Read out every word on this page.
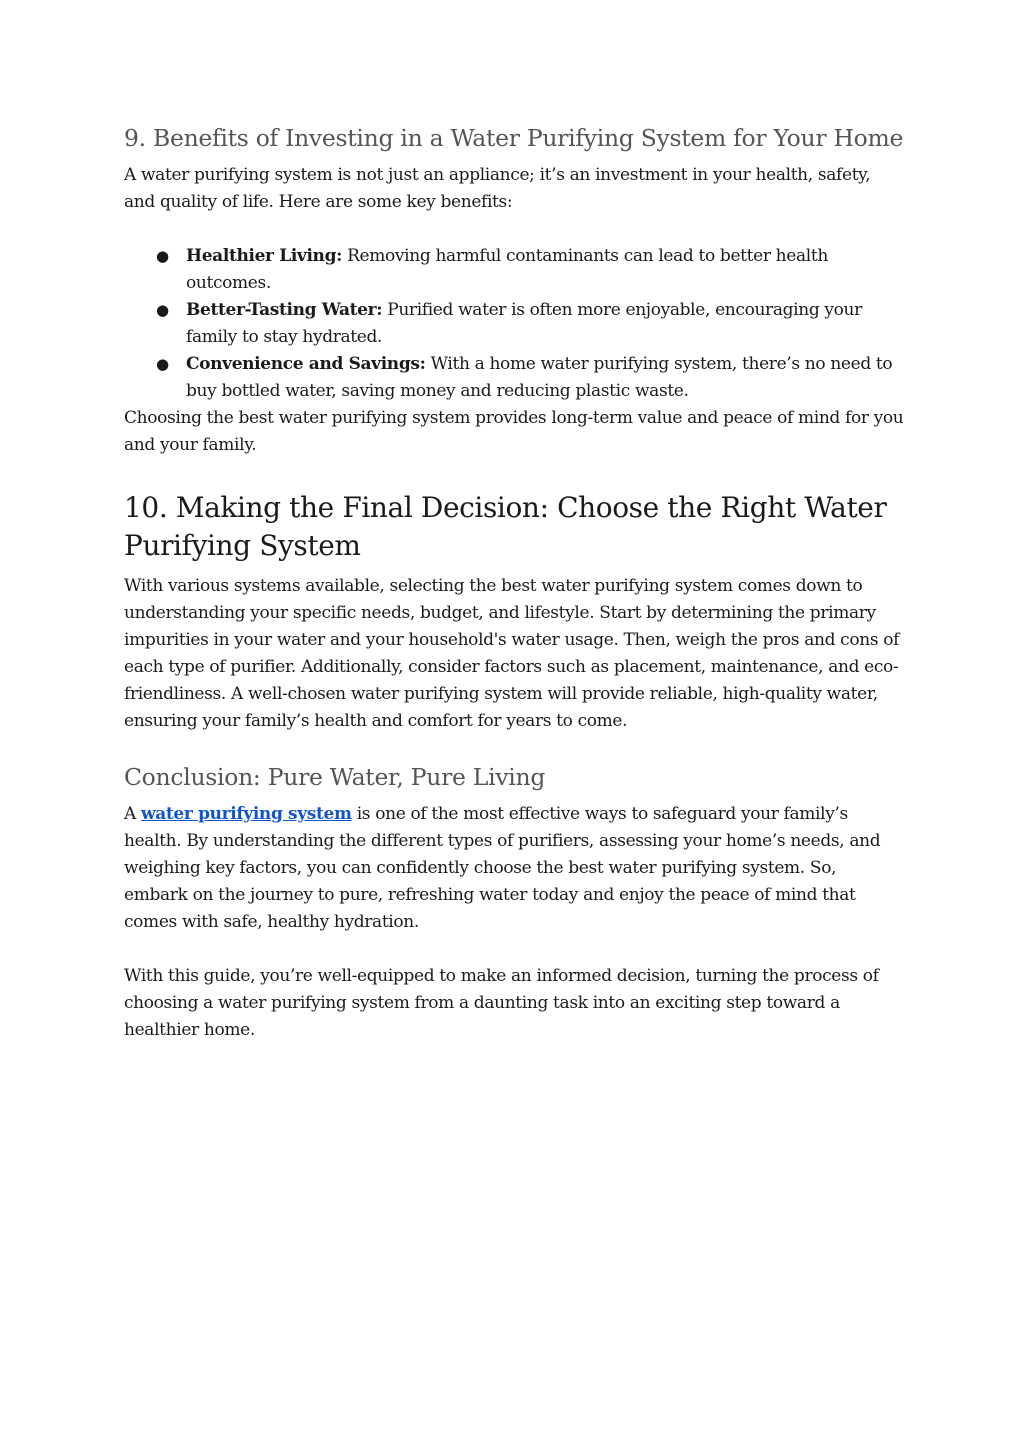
9. Benefits of Investing in a Water Purifying System for Your Home

A water purifying system is not just an appliance; it’s an investment in your health, safety, and quality of life. Here are some key benefits:

● Healthier Living: Removing harmful contaminants can lead to better health outcomes.
● Better-Tasting Water: Purified water is often more enjoyable, encouraging your family to stay hydrated.
● Convenience and Savings: With a home water purifying system, there’s no need to buy bottled water, saving money and reducing plastic waste.

Choosing the best water purifying system provides long-term value and peace of mind for you and your family.

10. Making the Final Decision: Choose the Right Water Purifying System

With various systems available, selecting the best water purifying system comes down to understanding your specific needs, budget, and lifestyle. Start by determining the primary impurities in your water and your household's water usage. Then, weigh the pros and cons of each type of purifier. Additionally, consider factors such as placement, maintenance, and eco-friendliness. A well-chosen water purifying system will provide reliable, high-quality water, ensuring your family’s health and comfort for years to come.

Conclusion: Pure Water, Pure Living

A water purifying system is one of the most effective ways to safeguard your family’s health. By understanding the different types of purifiers, assessing your home’s needs, and weighing key factors, you can confidently choose the best water purifying system. So, embark on the journey to pure, refreshing water today and enjoy the peace of mind that comes with safe, healthy hydration.

With this guide, you’re well-equipped to make an informed decision, turning the process of choosing a water purifying system from a daunting task into an exciting step toward a healthier home.
